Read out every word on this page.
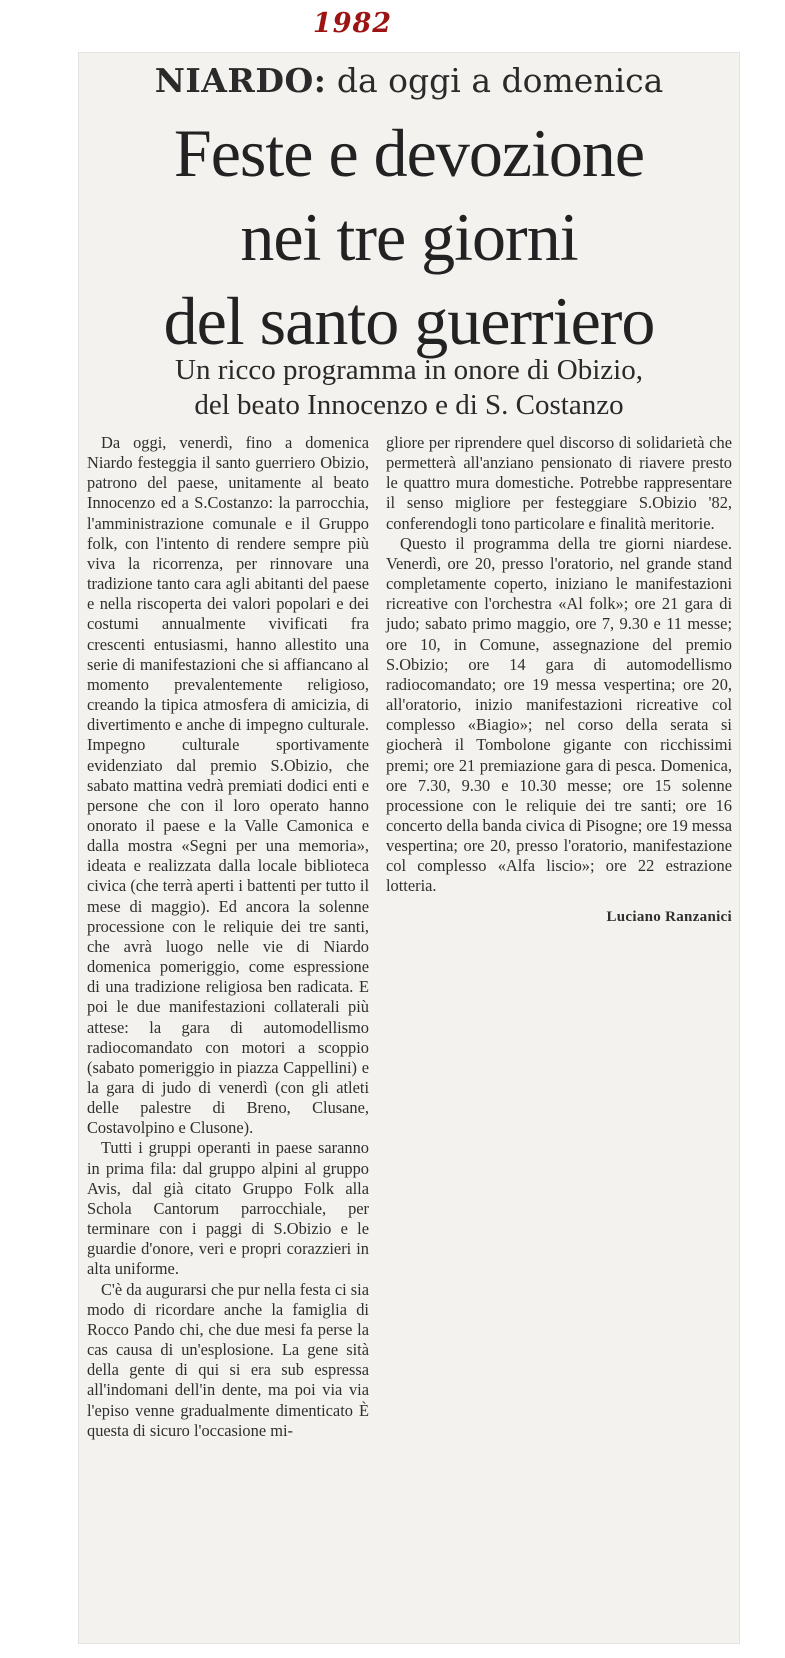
1982
NIARDO: da oggi a domenica
Feste e devozione
nei tre giorni
del santo guerriero
Un ricco programma in onore di Obizio,
del beato Innocenzo e di S. Costanzo

Da oggi, venerdì, fino a domenica Niardo festeggia il santo guerriero Obizio, patrono del paese, unitamente al beato Innocenzo ed a S.Costanzo: la parrocchia, l'amministrazione comunale e il Gruppo folk, con l'intento di rendere sempre più viva la ricorrenza, per rinnovare una tradizione tanto cara agli abitanti del paese e nella riscoperta dei valori popolari e dei costumi annualmente vivificati fra crescenti entusiasmi, hanno allestito una serie di manifestazioni che si affiancano al momento prevalentemente religioso, creando la tipica atmosfera di amicizia, di divertimento e anche di impegno culturale. Impegno culturale sportivamente evidenziato dal premio S.Obizio, che sabato mattina vedrà premiati dodici enti e persone che con il loro operato hanno onorato il paese e la Valle Camonica e dalla mostra «Segni per una memoria», ideata e realizzata dalla locale biblioteca civica (che terrà aperti i battenti per tutto il mese di maggio). Ed ancora la solenne processione con le reliquie dei tre santi, che avrà luogo nelle vie di Niardo domenica pomeriggio, come espressione di una tradizione religiosa ben radicata. E poi le due manifestazioni collaterali più attese: la gara di automodellismo radiocomandato con motori a scoppio (sabato pomeriggio in piazza Cappellini) e la gara di judo di venerdì (con gli atleti delle palestre di Breno, Clusane, Costavolpino e Clusone).

Tutti i gruppi operanti in paese saranno in prima fila: dal gruppo alpini al gruppo Avis, dal già citato Gruppo Folk alla Schola Cantorum parrocchiale, per terminare con i paggi di S.Obizio e le guardie d'onore, veri e propri corazzieri in alta uniforme.

C'è da augurarsi che pur nella festa ci sia modo di ricordare anche la famiglia di Rocco Pando chi, che due mesi fa perse la cas causa di un'esplosione. La gene sità della gente di qui si era sub espressa all'indomani dell'in dente, ma poi via via l'episo venne gradualmente dimenticato È questa di sicuro l'occasione mi-

gliore per riprendere quel discorso di solidarietà che permetterà all'anziano pensionato di riavere presto le quattro mura domestiche. Potrebbe rappresentare il senso migliore per festeggiare S.Obizio '82, conferendogli tono particolare e finalità meritorie.

Questo il programma della tre giorni niardese. Venerdì, ore 20, presso l'oratorio, nel grande stand completamente coperto, iniziano le manifestazioni ricreative con l'orchestra «Al folk»; ore 21 gara di judo; sabato primo maggio, ore 7, 9.30 e 11 messe; ore 10, in Comune, assegnazione del premio S.Obizio; ore 14 gara di automodellismo radiocomandato; ore 19 messa vespertina; ore 20, all'oratorio, inizio manifestazioni ricreative col complesso «Biagio»; nel corso della serata si giocherà il Tombolone gigante con ricchissimi premi; ore 21 premiazione gara di pesca. Domenica, ore 7.30, 9.30 e 10.30 messe; ore 15 solenne processione con le reliquie dei tre santi; ore 16 concerto della banda civica di Pisogne; ore 19 messa vespertina; ore 20, presso l'oratorio, manifestazione col complesso «Alfa liscio»; ore 22 estrazione lotteria.

Luciano Ranzanici
